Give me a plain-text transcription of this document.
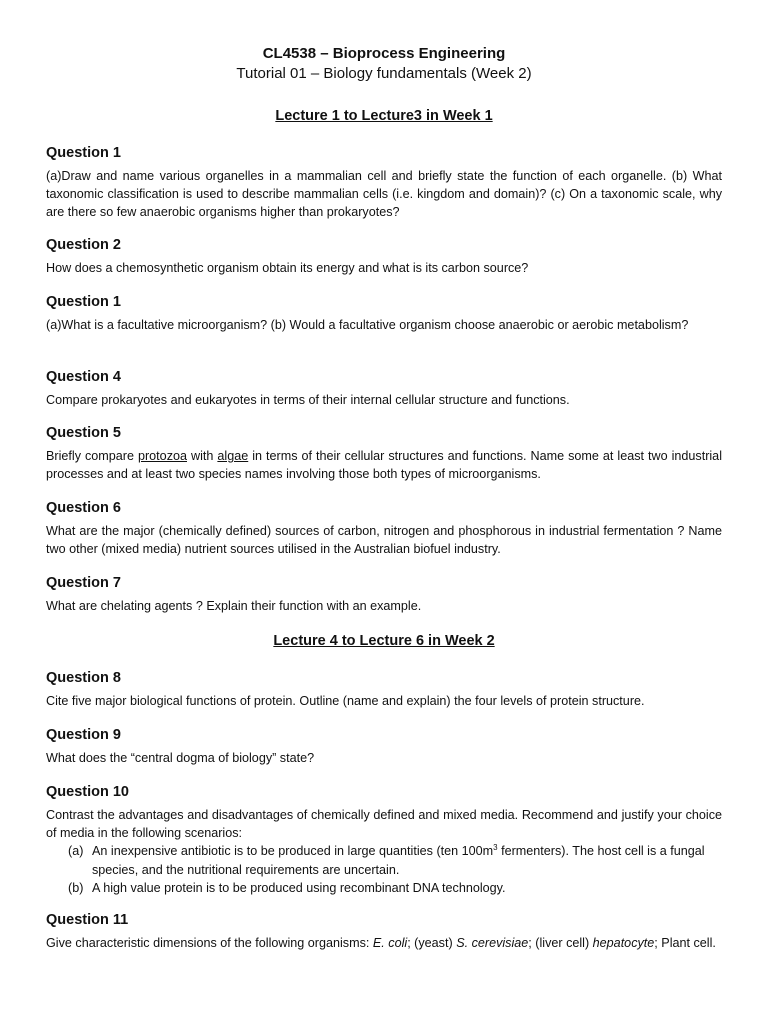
CL4538 – Bioprocess Engineering

Tutorial 01 – Biology fundamentals (Week 2)

Lecture 1 to Lecture3 in Week 1

Question 1

(a)Draw and name various organelles in a mammalian cell and briefly state the function of each organelle. (b) What taxonomic classification is used to describe mammalian cells (i.e. kingdom and domain)? (c) On a taxonomic scale, why are there so few anaerobic organisms higher than prokaryotes?

Question 2

How does a chemosynthetic organism obtain its energy and what is its carbon source?

Question 1

(a)What is a facultative microorganism? (b) Would a facultative organism choose anaerobic or aerobic metabolism?

Question 4

Compare prokaryotes and eukaryotes in terms of their internal cellular structure and functions.

Question 5

Briefly compare protozoa with algae in terms of their cellular structures and functions. Name some at least two industrial processes and at least two species names involving those both types of microorganisms.

Question 6

What are the major (chemically defined) sources of carbon, nitrogen and phosphorous in industrial fermentation ? Name two other (mixed media) nutrient sources utilised in the Australian biofuel industry.

Question 7

What are chelating agents ? Explain their function with an example.

Lecture 4 to Lecture 6 in Week 2

Question 8

Cite five major biological functions of protein. Outline (name and explain) the four levels of protein structure.

Question 9

What does the “central dogma of biology” state?

Question 10

Contrast the advantages and disadvantages of chemically defined and mixed media. Recommend and justify your choice of media in the following scenarios:

(a) An inexpensive antibiotic is to be produced in large quantities (ten $100m^3$ fermenters). The host cell is a fungal species, and the nutritional requirements are uncertain.
(b) A high value protein is to be produced using recombinant DNA technology.

Question 11

Give characteristic dimensions of the following organisms: E. coli; (yeast) S. cerevisiae; (liver cell) hepatocyte; Plant cell.
